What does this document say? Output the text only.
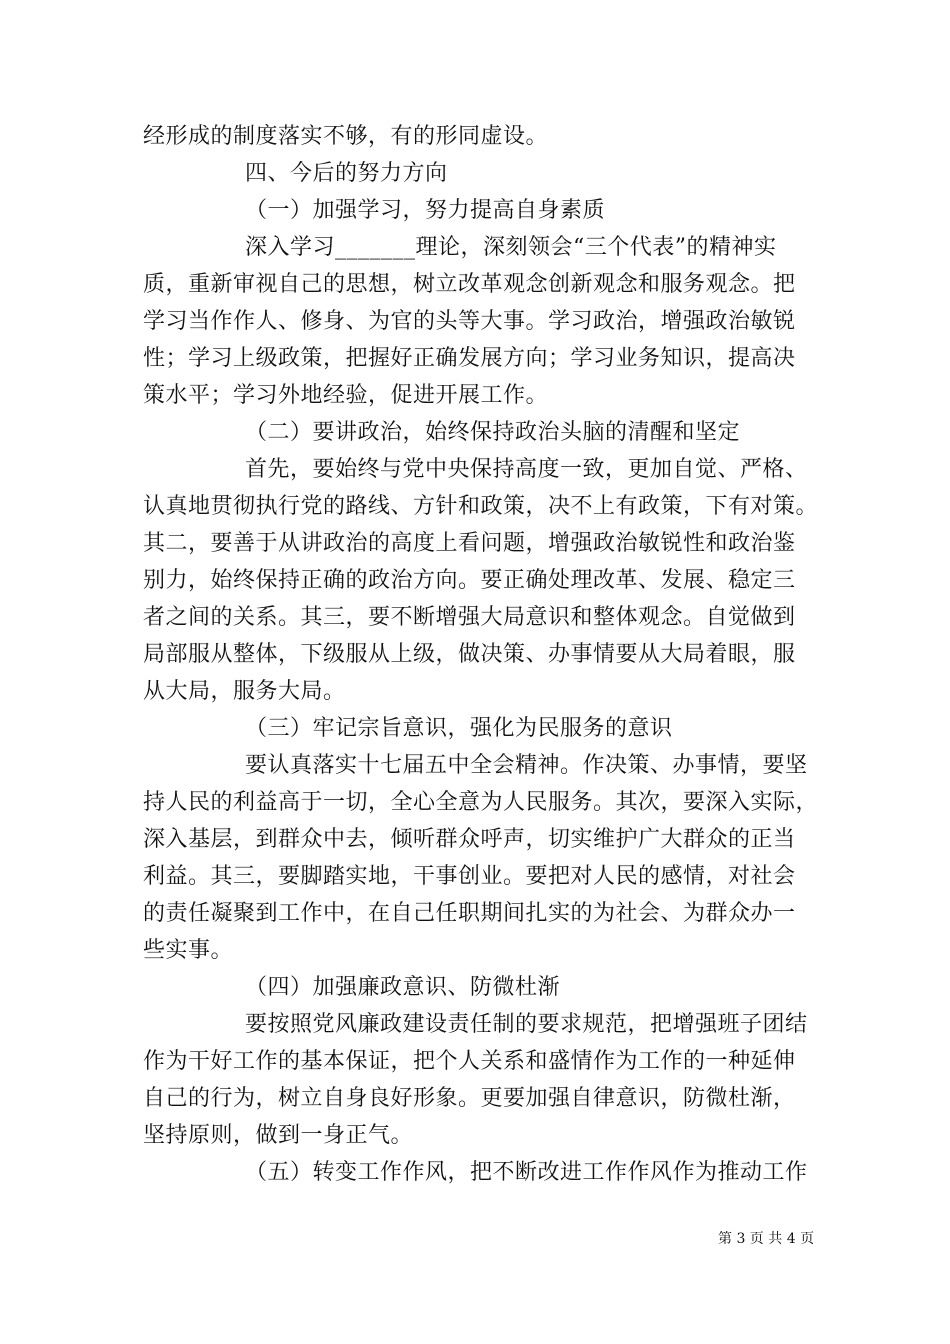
经形成的制度落实不够，有的形同虚设。
四、今后的努力方向
（一）加强学习，努力提高自身素质
深入学习_______理论，深刻领会“三个代表”的精神实
质，重新审视自己的思想，树立改革观念创新观念和服务观念。把
学习当作作人、修身、为官的头等大事。学习政治，增强政治敏锐
性；学习上级政策，把握好正确发展方向；学习业务知识，提高决
策水平；学习外地经验，促进开展工作。
（二）要讲政治，始终保持政治头脑的清醒和坚定
首先，要始终与党中央保持高度一致，更加自觉、严格、
认真地贯彻执行党的路线、方针和政策，决不上有政策，下有对策。
其二，要善于从讲政治的高度上看问题，增强政治敏锐性和政治鉴
别力，始终保持正确的政治方向。要正确处理改革、发展、稳定三
者之间的关系。其三，要不断增强大局意识和整体观念。自觉做到
局部服从整体，下级服从上级，做决策、办事情要从大局着眼，服
从大局，服务大局。
（三）牢记宗旨意识，强化为民服务的意识
要认真落实十七届五中全会精神。作决策、办事情，要坚
持人民的利益高于一切，全心全意为人民服务。其次，要深入实际，
深入基层，到群众中去，倾听群众呼声，切实维护广大群众的正当
利益。其三，要脚踏实地，干事创业。要把对人民的感情，对社会
的责任凝聚到工作中，在自己任职期间扎实的为社会、为群众办一
些实事。
（四）加强廉政意识、防微杜渐
要按照党风廉政建设责任制的要求规范，把增强班子团结
作为干好工作的基本保证，把个人关系和盛情作为工作的一种延伸
自己的行为，树立自身良好形象。更要加强自律意识，防微杜渐，
坚持原则，做到一身正气。
（五）转变工作作风，把不断改进工作作风作为推动工作
第 3 页 共 4 页
